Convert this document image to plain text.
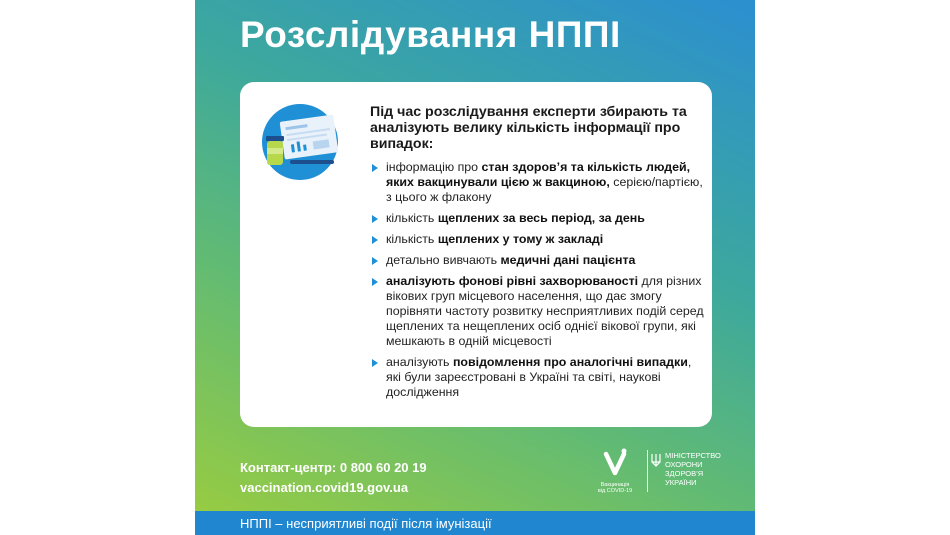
Розслідування НППІ

Під час розслідування експерти збирають та аналізують велику кількість інформації про випадок:

інформацію про стан здоров’я та кількість людей, яких вакцинували цією ж вакциною, серією/партією, з цього ж флакону
кількість щеплених за весь період, за день
кількість щеплених у тому ж закладі
детально вивчають медичні дані пацієнта
аналізують фонові рівні захворюваності для різних вікових груп місцевого населення, що дає змогу порівняти частоту розвитку несприятливих подій серед щеплених та нещеплених осіб однієї вікової групи, які мешкають в одній місцевості
аналізують повідомлення про аналогічні випадки, які були зареєстровані в Україні та світі, наукові дослідження
Контакт-центр: 0 800 60 20 19
vaccination.covid19.gov.ua	Вакцинація
від COVID-19
МІНІСТЕРСТВО
ОХОРОНИ
ЗДОРОВ’Я
УКРАЇНИ
НППІ – несприятливі події після імунізації
